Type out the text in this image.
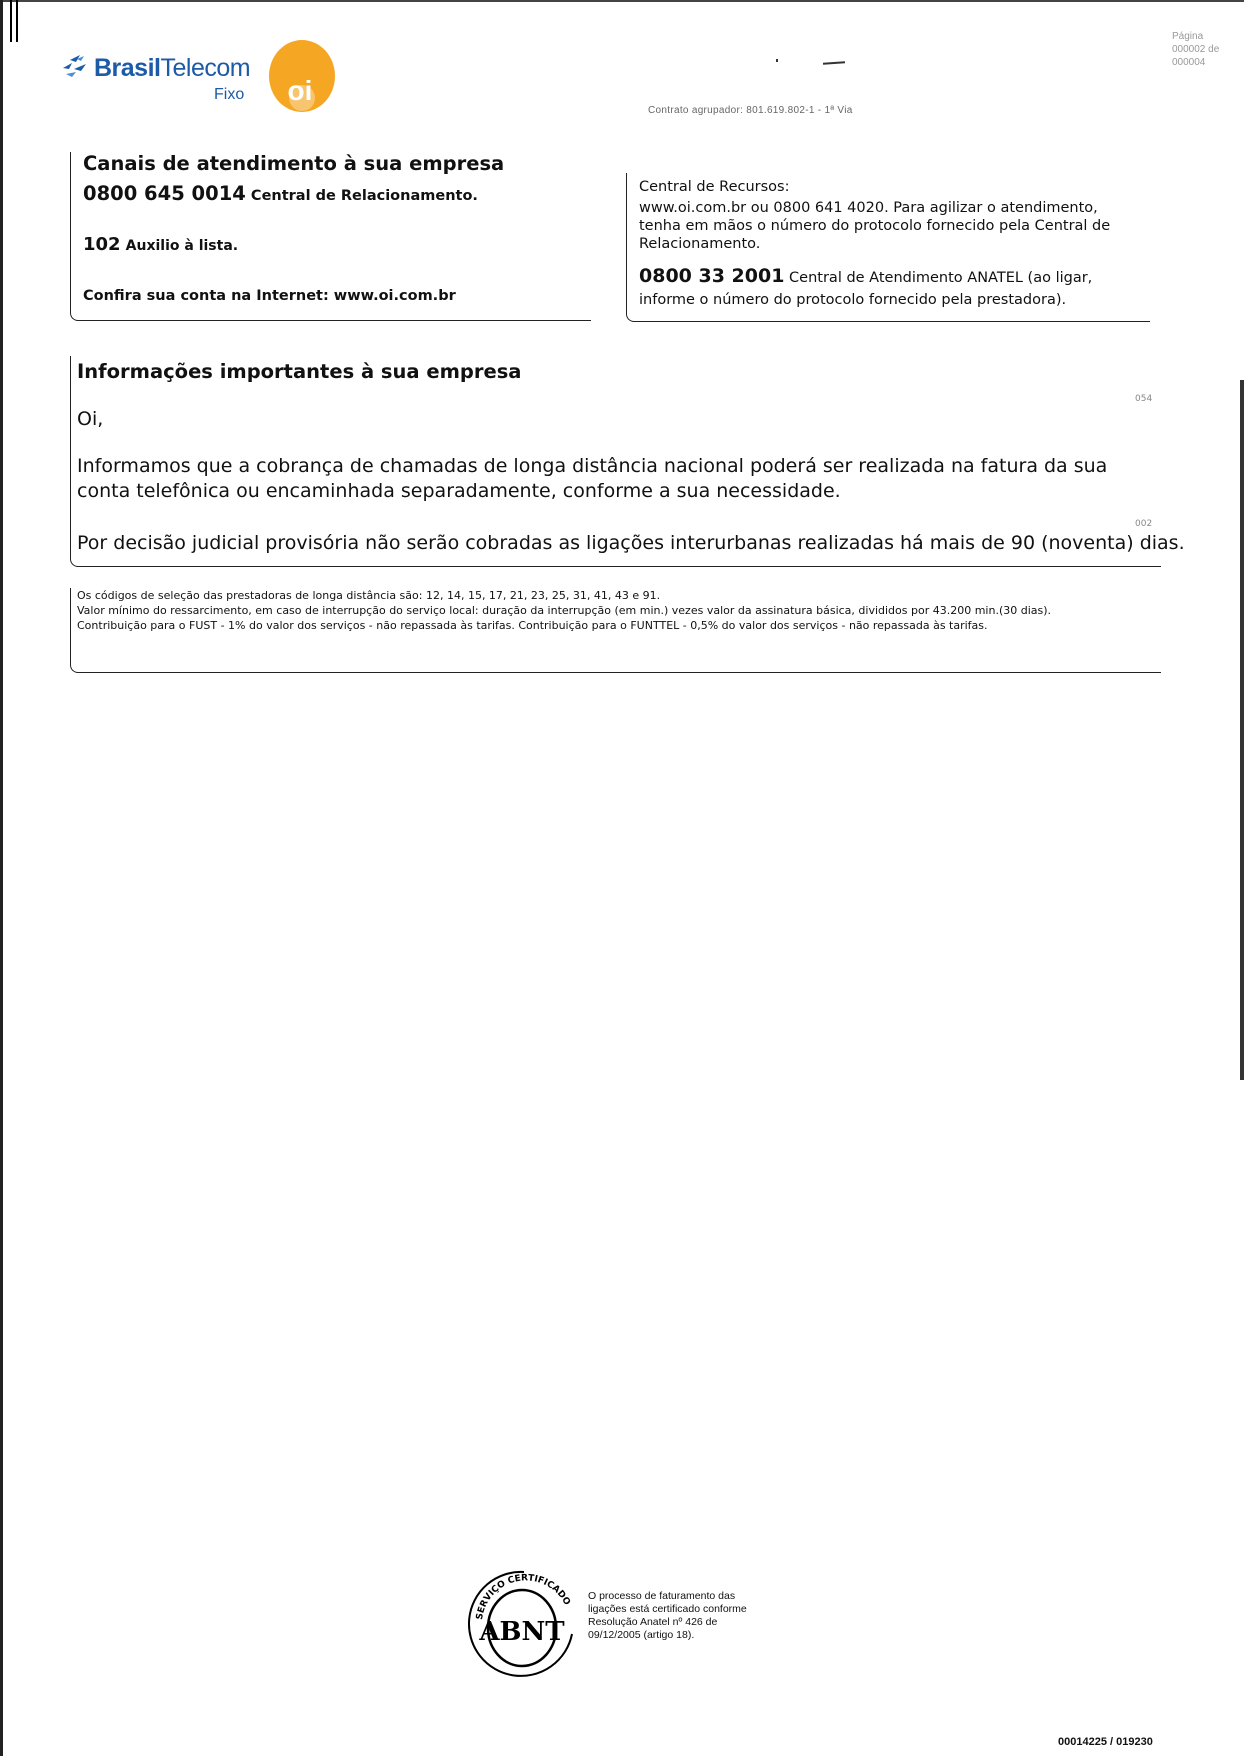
BrasilTelecom
Fixo oi
Página
000002 de
000004
Contrato agrupador: 801.619.802-1 - 1ª Via
Canais de atendimento à sua empresa
0800 645 0014 Central de Relacionamento.
102 Auxilio à lista.
Confira sua conta na Internet: www.oi.com.br
Central de Recursos:
www.oi.com.br ou 0800 641 4020. Para agilizar o atendimento, tenha em mãos o número do protocolo fornecido pela Central de Relacionamento.
0800 33 2001 Central de Atendimento ANATEL (ao ligar, informe o número do protocolo fornecido pela prestadora).
Informações importantes à sua empresa
054
Oi,
Informamos que a cobrança de chamadas de longa distância nacional poderá ser realizada na fatura da sua conta telefônica ou encaminhada separadamente, conforme a sua necessidade.
002
Por decisão judicial provisória não serão cobradas as ligações interurbanas realizadas há mais de 90 (noventa) dias.

Os códigos de seleção das prestadoras de longa distância são: 12, 14, 15, 17, 21, 23, 25, 31, 41, 43 e 91.

Valor mínimo do ressarcimento, em caso de interrupção do serviço local: duração da interrupção (em min.) vezes valor da assinatura básica, divididos por 43.200 min.(30 dias).

Contribuição para o FUST - 1% do valor dos serviços - não repassada às tarifas. Contribuição para o FUNTTEL - 0,5% do valor dos serviços - não repassada às tarifas.

SERVIÇO CERTIFICADO
ABNT
O processo de faturamento das ligações está certificado conforme Resolução Anatel nº 426 de 09/12/2005 (artigo 18).
00014225 / 019230
